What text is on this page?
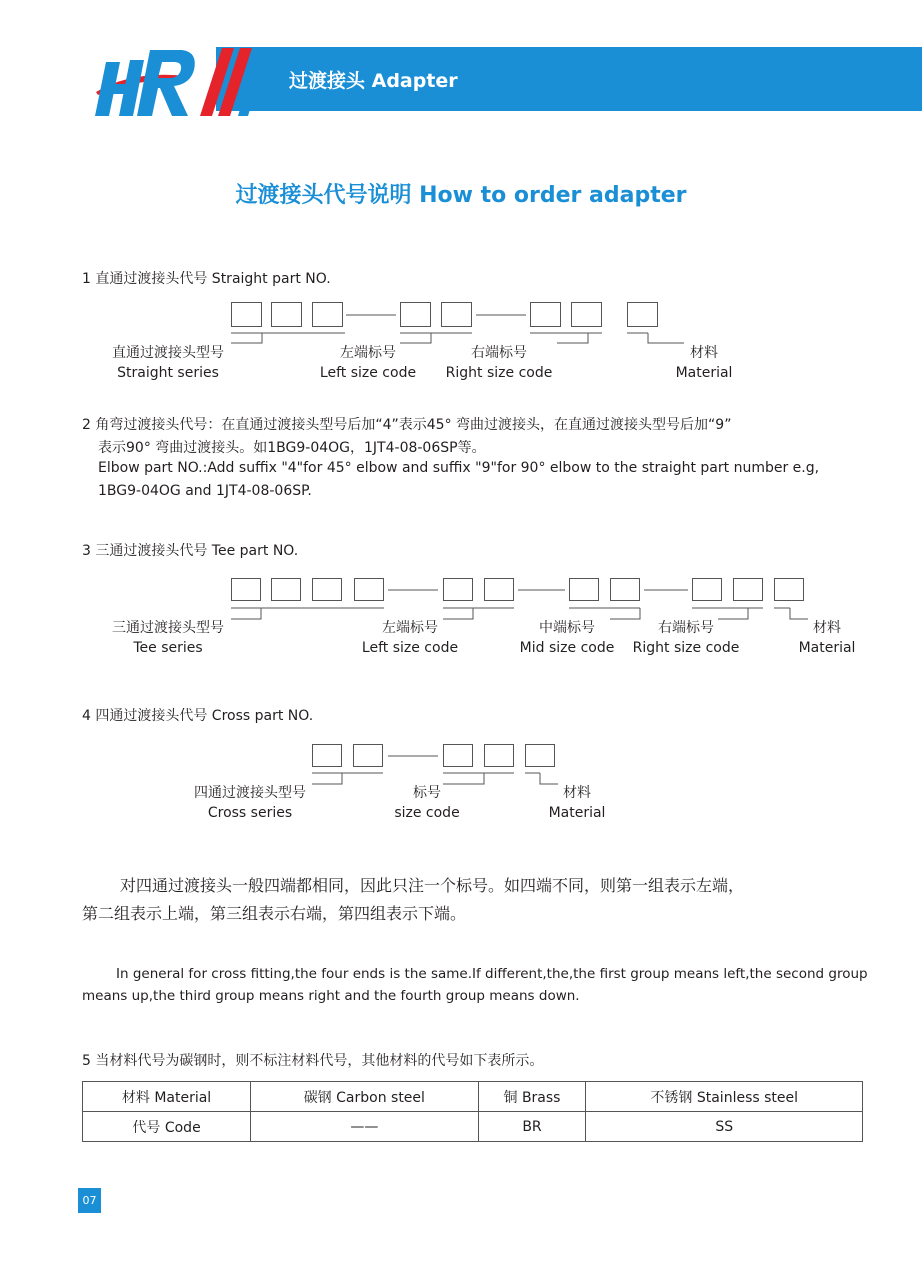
过渡接头 Adapter
过渡接头代号说明 How to order adapter
1 直通过渡接头代号 Straight part NO.
直通过渡接头型号
Straight series
左端标号
Left size code
右端标号
Right size code
材料
Material
2 角弯过渡接头代号：在直通过渡接头型号后加“4”表示45° 弯曲过渡接头，在直通过渡接头型号后加“9”
表示90° 弯曲过渡接头。如1BG9-04OG，1JT4-08-06SP等。
Elbow part NO.:Add suffix "4"for 45° elbow and suffix "9"for 90° elbow to the straight part number e.g,
1BG9-04OG and 1JT4-08-06SP.
3 三通过渡接头代号 Tee part NO.
三通过渡接头型号
Tee series
左端标号
Left size code
中端标号
Mid size code
右端标号
Right size code
材料
Material
4 四通过渡接头代号 Cross part NO.
四通过渡接头型号
Cross series
标号
size code
材料
Material
对四通过渡接头一般四端都相同，因此只注一个标号。如四端不同，则第一组表示左端，
第二组表示上端，第三组表示右端，第四组表示下端。
In general for cross fitting,the four ends is the same.If different,the,the first group means left,the second group
means up,the third group means right and the fourth group means down.
5 当材料代号为碳钢时，则不标注材料代号，其他材料的代号如下表所示。
材料 Material	碳钢 Carbon steel	铜 Brass	不锈钢 Stainless steel
代号 Code	——	BR	SS
07
